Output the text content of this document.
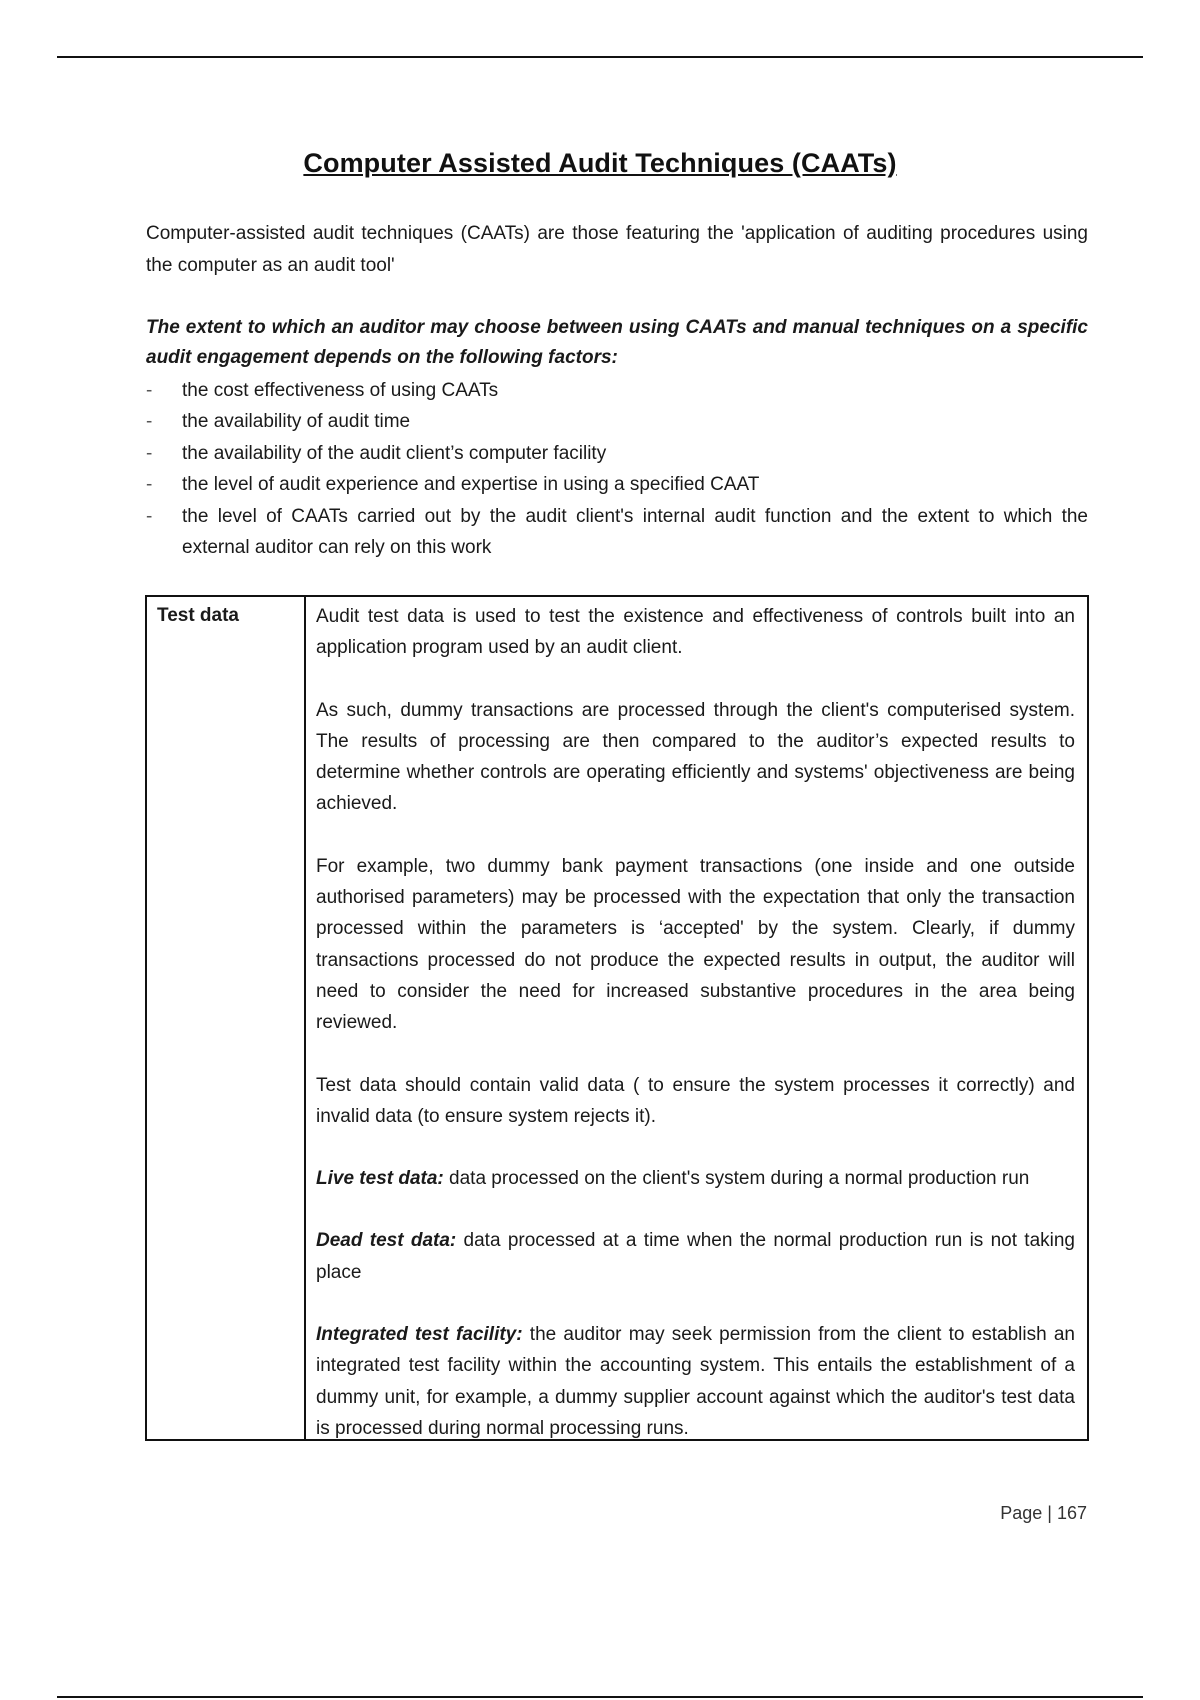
Computer Assisted Audit Techniques (CAATs)

Computer-assisted audit techniques (CAATs) are those featuring the 'application of auditing procedures using the computer as an audit tool'

The extent to which an auditor may choose between using CAATs and manual techniques on a specific audit engagement depends on the following factors:

- the cost effectiveness of using CAATs
- the availability of audit time
- the availability of the audit client’s computer facility
- the level of audit experience and expertise in using a specified CAAT
- the level of CAATs carried out by the audit client's internal audit function and the extent to which the external auditor can rely on this work
Test data	Audit test data is used to test the existence and effectiveness of controls built into an application program used by an audit client.

As such, dummy transactions are processed through the client's computerised system. The results of processing are then compared to the auditor’s expected results to determine whether controls are operating efficiently and systems' objectiveness are being achieved.

For example, two dummy bank payment transactions (one inside and one outside authorised parameters) may be processed with the expectation that only the transaction processed within the parameters is ‘accepted' by the system. Clearly, if dummy transactions processed do not produce the expected results in output, the auditor will need to consider the need for increased substantive procedures in the area being reviewed.

Test data should contain valid data ( to ensure the system processes it correctly) and invalid data (to ensure system rejects it).

Live test data: data processed on the client's system during a normal production run

Dead test data: data processed at a time when the normal production run is not taking place

Integrated test facility: the auditor may seek permission from the client to establish an integrated test facility within the accounting system. This entails the establishment of a dummy unit, for example, a dummy supplier account against which the auditor's test data is processed during normal processing runs.

Page | 167
